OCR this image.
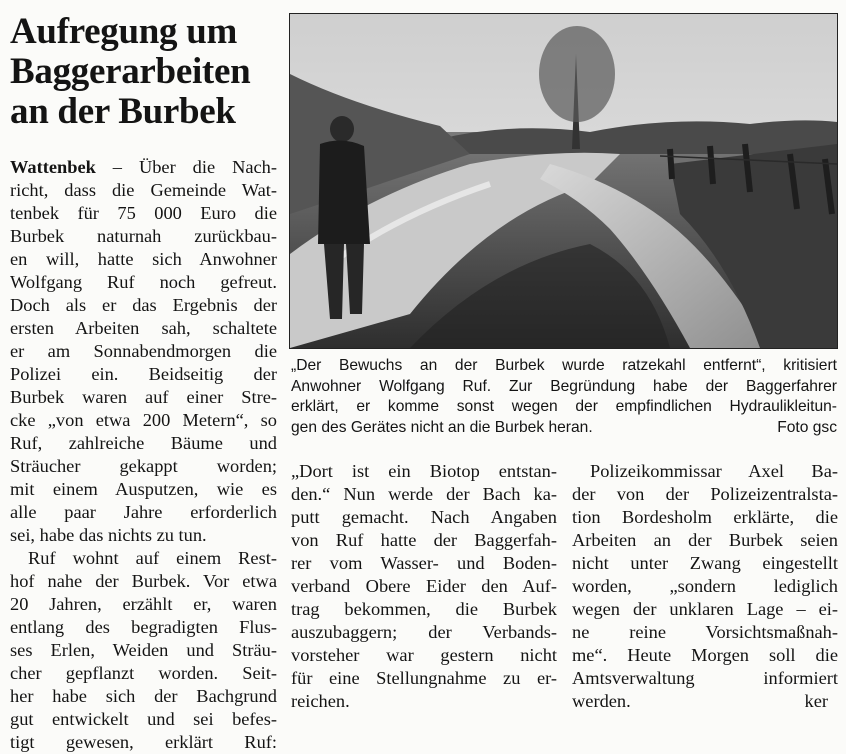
Aufregung um
Baggerarbeiten
an der Burbek
Wattenbek – Über die Nach-
richt, dass die Gemeinde Wat-
tenbek für 75 000 Euro die
Burbek naturnah zurückbau-
en will, hatte sich Anwohner
Wolfgang Ruf noch gefreut.
Doch als er das Ergebnis der
ersten Arbeiten sah, schaltete
er am Sonnabendmorgen die
Polizei ein. Beidseitig der
Burbek waren auf einer Stre-
cke „von etwa 200 Metern“, so
Ruf, zahlreiche Bäume und
Sträucher gekappt worden;
mit einem Ausputzen, wie es
alle paar Jahre erforderlich
sei, habe das nichts zu tun.
Ruf wohnt auf einem Rest-
hof nahe der Burbek. Vor etwa
20 Jahren, erzählt er, waren
entlang des begradigten Flus-
ses Erlen, Weiden und Sträu-
cher gepflanzt worden. Seit-
her habe sich der Bachgrund
gut entwickelt und sei befes-
tigt gewesen, erklärt Ruf:
„Der Bewuchs an der Burbek wurde ratzekahl entfernt“, kritisiert
Anwohner Wolfgang Ruf. Zur Begründung habe der Baggerfahrer
erklärt, er komme sonst wegen der empfindlichen Hydraulikleitun-
gen des Gerätes nicht an die Burbek heran.	Foto gsc
„Dort ist ein Biotop entstan-
den.“ Nun werde der Bach ka-
putt gemacht. Nach Angaben
von Ruf hatte der Baggerfah-
rer vom Wasser- und Boden-
verband Obere Eider den Auf-
trag bekommen, die Burbek
auszubaggern; der Verbands-
vorsteher war gestern nicht
für eine Stellungnahme zu er-
reichen.
Polizeikommissar Axel Ba-
der von der Polizeizentralsta-
tion Bordesholm erklärte, die
Arbeiten an der Burbek seien
nicht unter Zwang eingestellt
worden, „sondern lediglich
wegen der unklaren Lage – ei-
ne reine Vorsichtsmaßnah-
me“. Heute Morgen soll die
Amtsverwaltung informiert
werden.	ker
